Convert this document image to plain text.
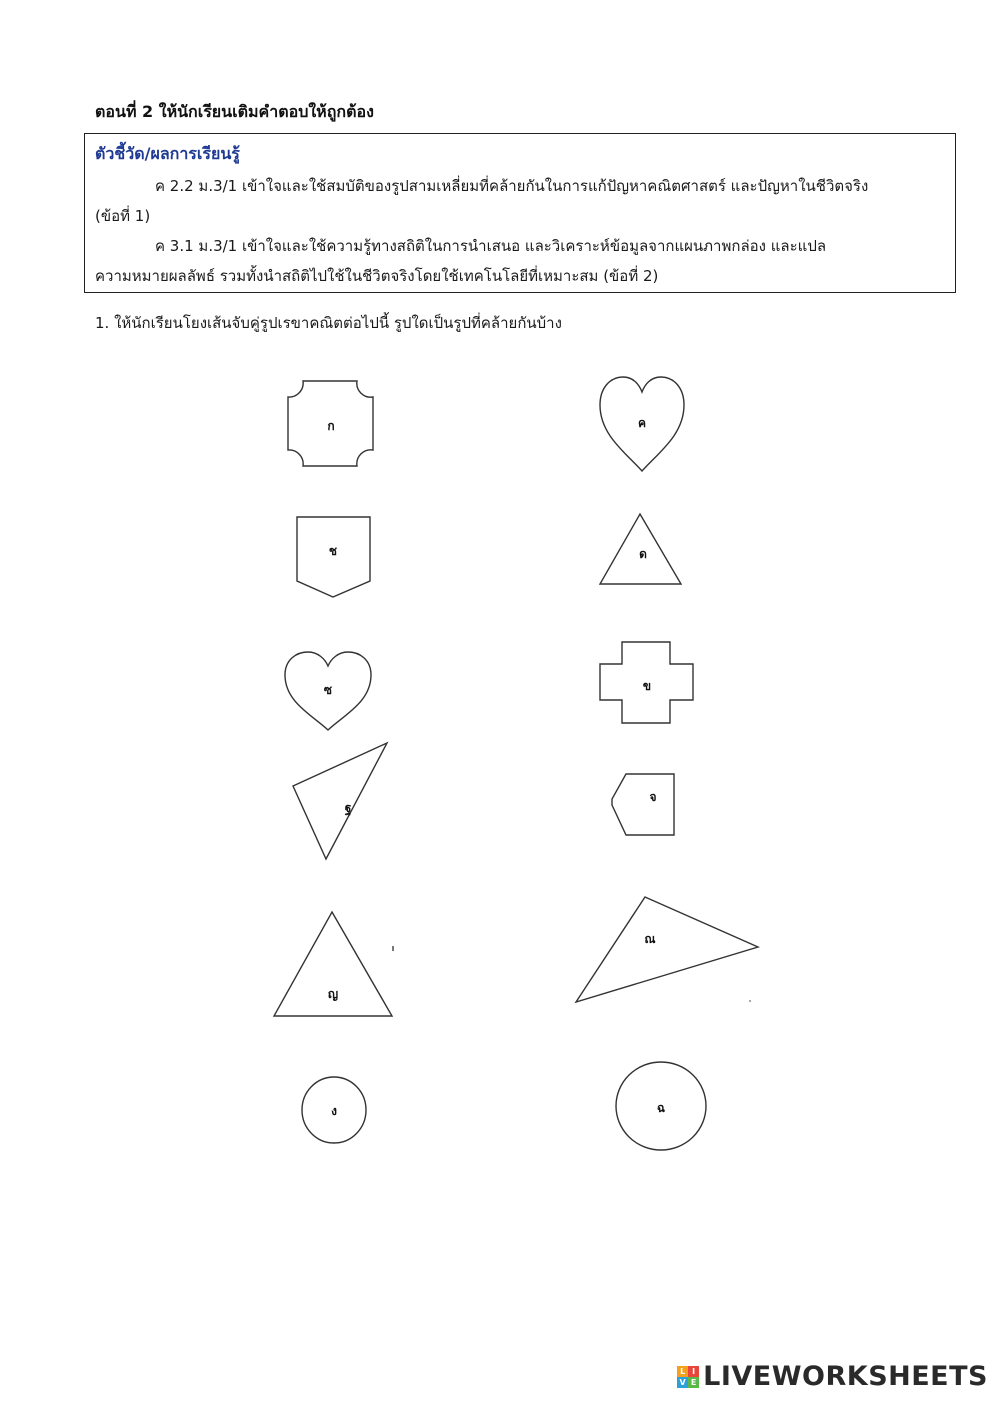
ตอนที่ 2 ให้นักเรียนเติมคำตอบให้ถูกต้อง
ตัวชี้วัด/ผลการเรียนรู้
ค 2.2 ม.3/1 เข้าใจและใช้สมบัติของรูปสามเหลี่ยมที่คล้ายกันในการแก้ปัญหาคณิตศาสตร์ และปัญหาในชีวิตจริง
(ข้อที่ 1)
ค 3.1 ม.3/1 เข้าใจและใช้ความรู้ทางสถิติในการนำเสนอ และวิเคราะห์ข้อมูลจากแผนภาพกล่อง และแปล
ความหมายผลลัพธ์ รวมทั้งนำสถิติไปใช้ในชีวิตจริงโดยใช้เทคโนโลยีที่เหมาะสม (ข้อที่ 2)
1. ให้นักเรียนโยงเส้นจับคู่รูปเรขาคณิตต่อไปนี้ รูปใดเป็นรูปที่คล้ายกันบ้าง
ก
ช
ซ
ฐ
ญ
ง
ค
ด
ข
จ
ณ
ฉ
L I
V E LIVEWORKSHEETS
